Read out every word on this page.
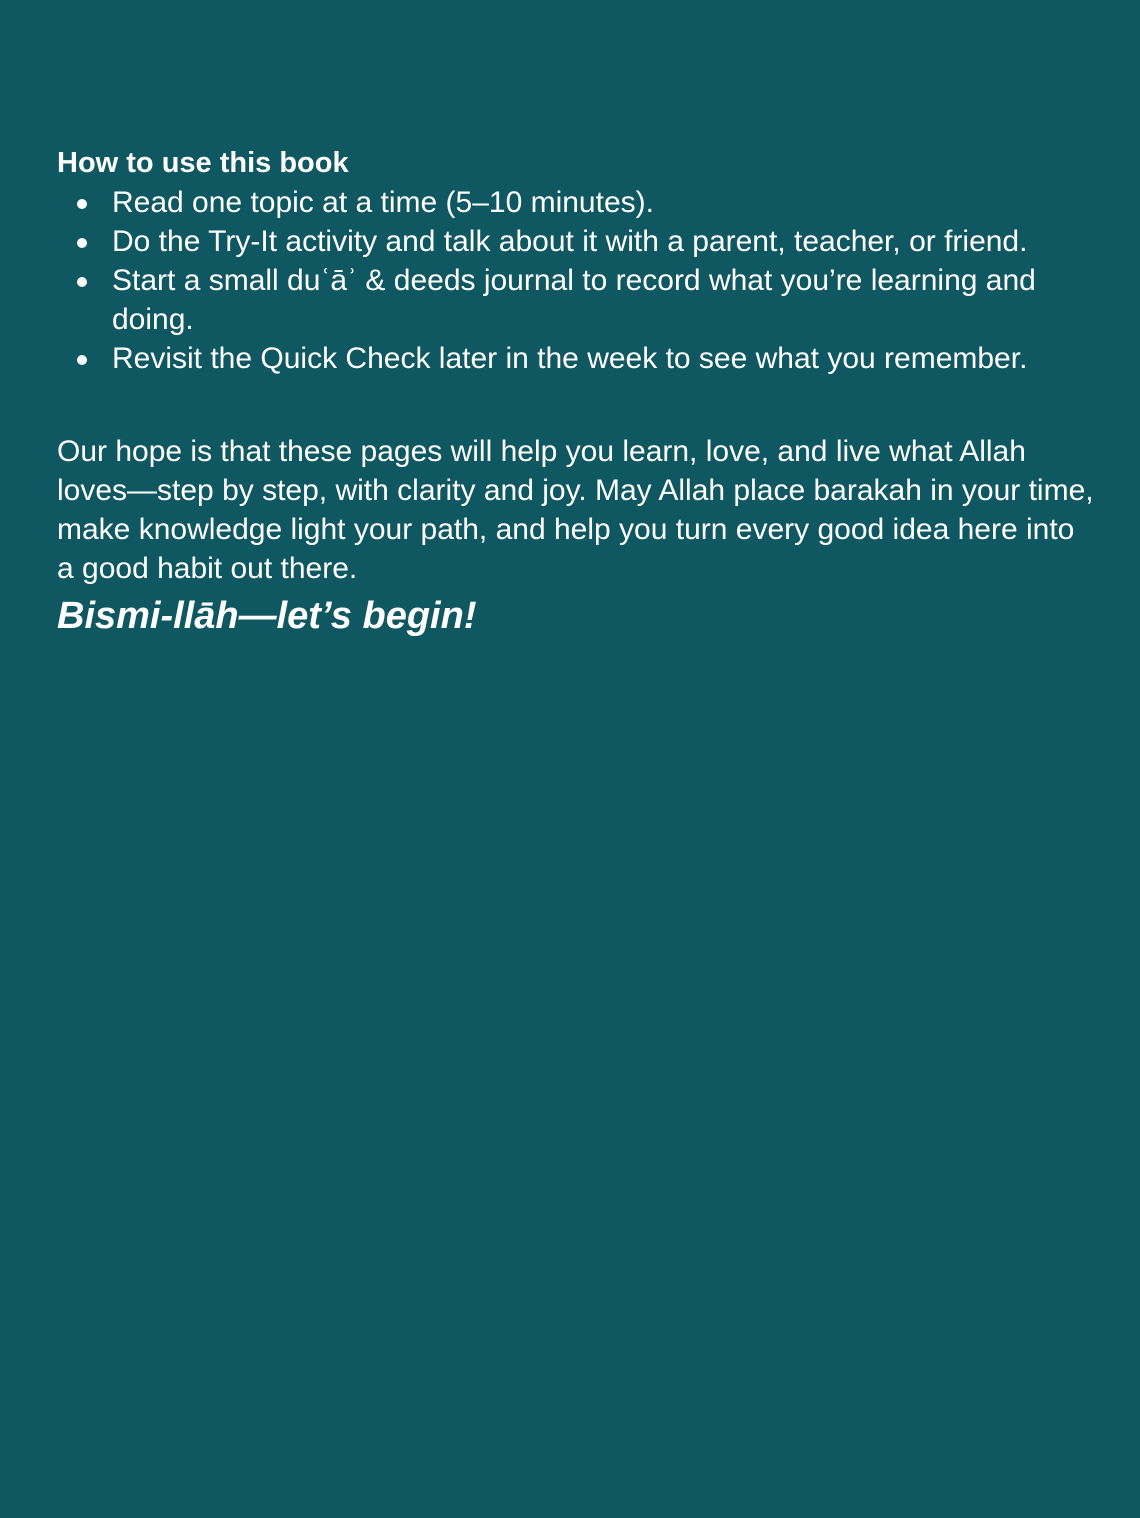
How to use this book
Read one topic at a time (5–10 minutes).
Do the Try-It activity and talk about it with a parent, teacher, or friend.
Start a small duʿāʾ & deeds journal to record what you’re learning and doing.
Revisit the Quick Check later in the week to see what you remember.

Our hope is that these pages will help you learn, love, and live what Allah loves—step by step, with clarity and joy. May Allah place barakah in your time, make knowledge light your path, and help you turn every good idea here into a good habit out there.

Bismi-llāh—let’s begin!
